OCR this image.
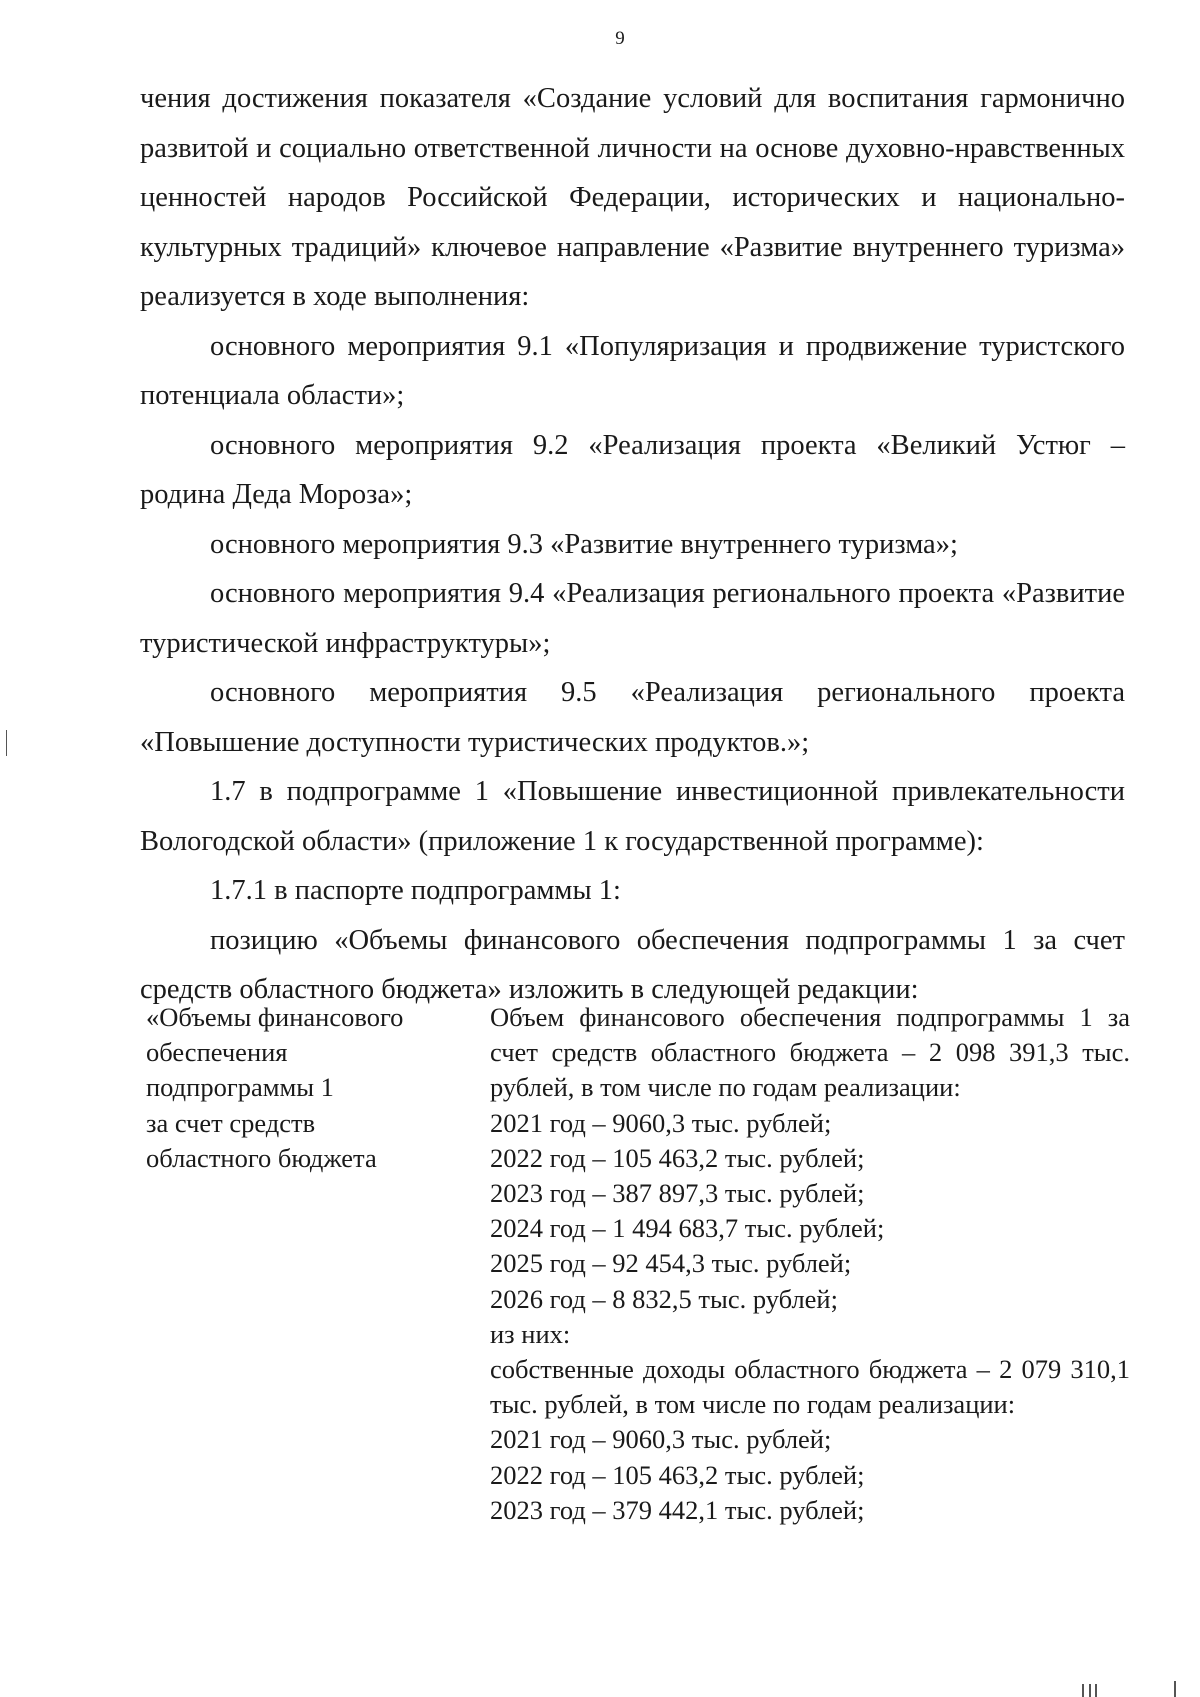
9

чения достижения показателя «Создание условий для воспитания гармонично развитой и социально ответственной личности на основе духовно-нравственных ценностей народов Российской Федерации, исторических и национально-культурных традиций» ключевое направление «Развитие внутреннего туризма» реализуется в ходе выполнения:

основного мероприятия 9.1 «Популяризация и продвижение туристского потенциала области»;

основного мероприятия 9.2 «Реализация проекта «Великий Устюг – родина Деда Мороза»;

основного мероприятия 9.3 «Развитие внутреннего туризма»;

основного мероприятия 9.4 «Реализация регионального проекта «Развитие туристической инфраструктуры»;

основного мероприятия 9.5 «Реализация регионального проекта «Повышение доступности туристических продуктов.»;

1.7 в подпрограмме 1 «Повышение инвестиционной привлекательности Вологодской области» (приложение 1 к государственной программе):

1.7.1 в паспорте подпрограммы 1:

позицию «Объемы финансового обеспечения подпрограммы 1 за счет средств областного бюджета» изложить в следующей редакции:

«Объемы финансового
обеспечения
подпрограммы 1
за счет средств
областного бюджета
Объем финансового обеспечения подпрограммы 1 за счет средств областного бюджета – 2 098 391,3 тыс. рублей, в том числе по годам реализации:
2021 год – 9060,3 тыс. рублей;
2022 год – 105 463,2 тыс. рублей;
2023 год – 387 897,3 тыс. рублей;
2024 год – 1 494 683,7 тыс. рублей;
2025 год – 92 454,3 тыс. рублей;
2026 год – 8 832,5 тыс. рублей;
из них:
собственные доходы областного бюджета – 2 079 310,1 тыс. рублей, в том числе по годам реализации:
2021 год – 9060,3 тыс. рублей;
2022 год – 105 463,2 тыс. рублей;
2023 год – 379 442,1 тыс. рублей;
